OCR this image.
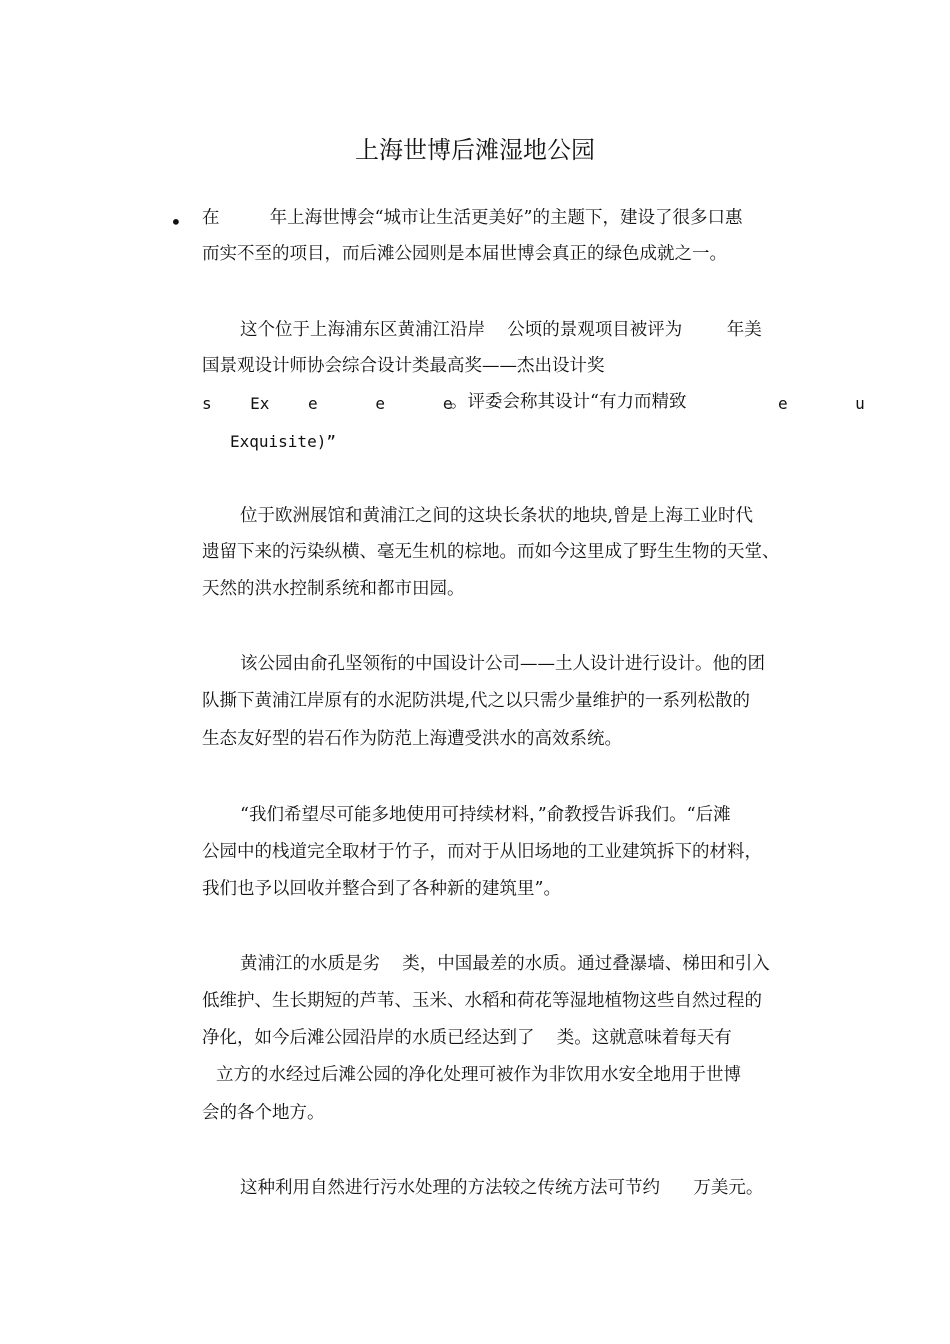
上海世博后滩湿地公园
• 在         年上海世博会“城市让生活更美好”的主题下，建设了很多口惠
而实不至的项目，而后滩公园则是本届世博会真正的绿色成就之一。
这个位于上海浦东区黄浦江沿岸    公顷的景观项目被评为        年美
国景观设计师协会综合设计类最高奖——杰出设计奖
s    Ex    e      e      e
。评委会称其设计“有力而精致	e       u
Exquisite)”
位于欧洲展馆和黄浦江之间的这块长条状的地块,曾是上海工业时代
遗留下来的污染纵横、毫无生机的棕地。而如今这里成了野生生物的天堂、
天然的洪水控制系统和都市田园。
该公园由俞孔坚领衔的中国设计公司——土人设计进行设计。他的团
队撕下黄浦江岸原有的水泥防洪堤,代之以只需少量维护的一系列松散的
生态友好型的岩石作为防范上海遭受洪水的高效系统。
“我们希望尽可能多地使用可持续材料，”俞教授告诉我们。“后滩
公园中的栈道完全取材于竹子，而对于从旧场地的工业建筑拆下的材料，
我们也予以回收并整合到了各种新的建筑里”。
黄浦江的水质是劣    类，中国最差的水质。通过叠瀑墙、梯田和引入
低维护、生长期短的芦苇、玉米、水稻和荷花等湿地植物这些自然过程的
净化，如今后滩公园沿岸的水质已经达到了    类。这就意味着每天有
立方的水经过后滩公园的净化处理可被作为非饮用水安全地用于世博
会的各个地方。
这种利用自然进行污水处理的方法较之传统方法可节约      万美元。
